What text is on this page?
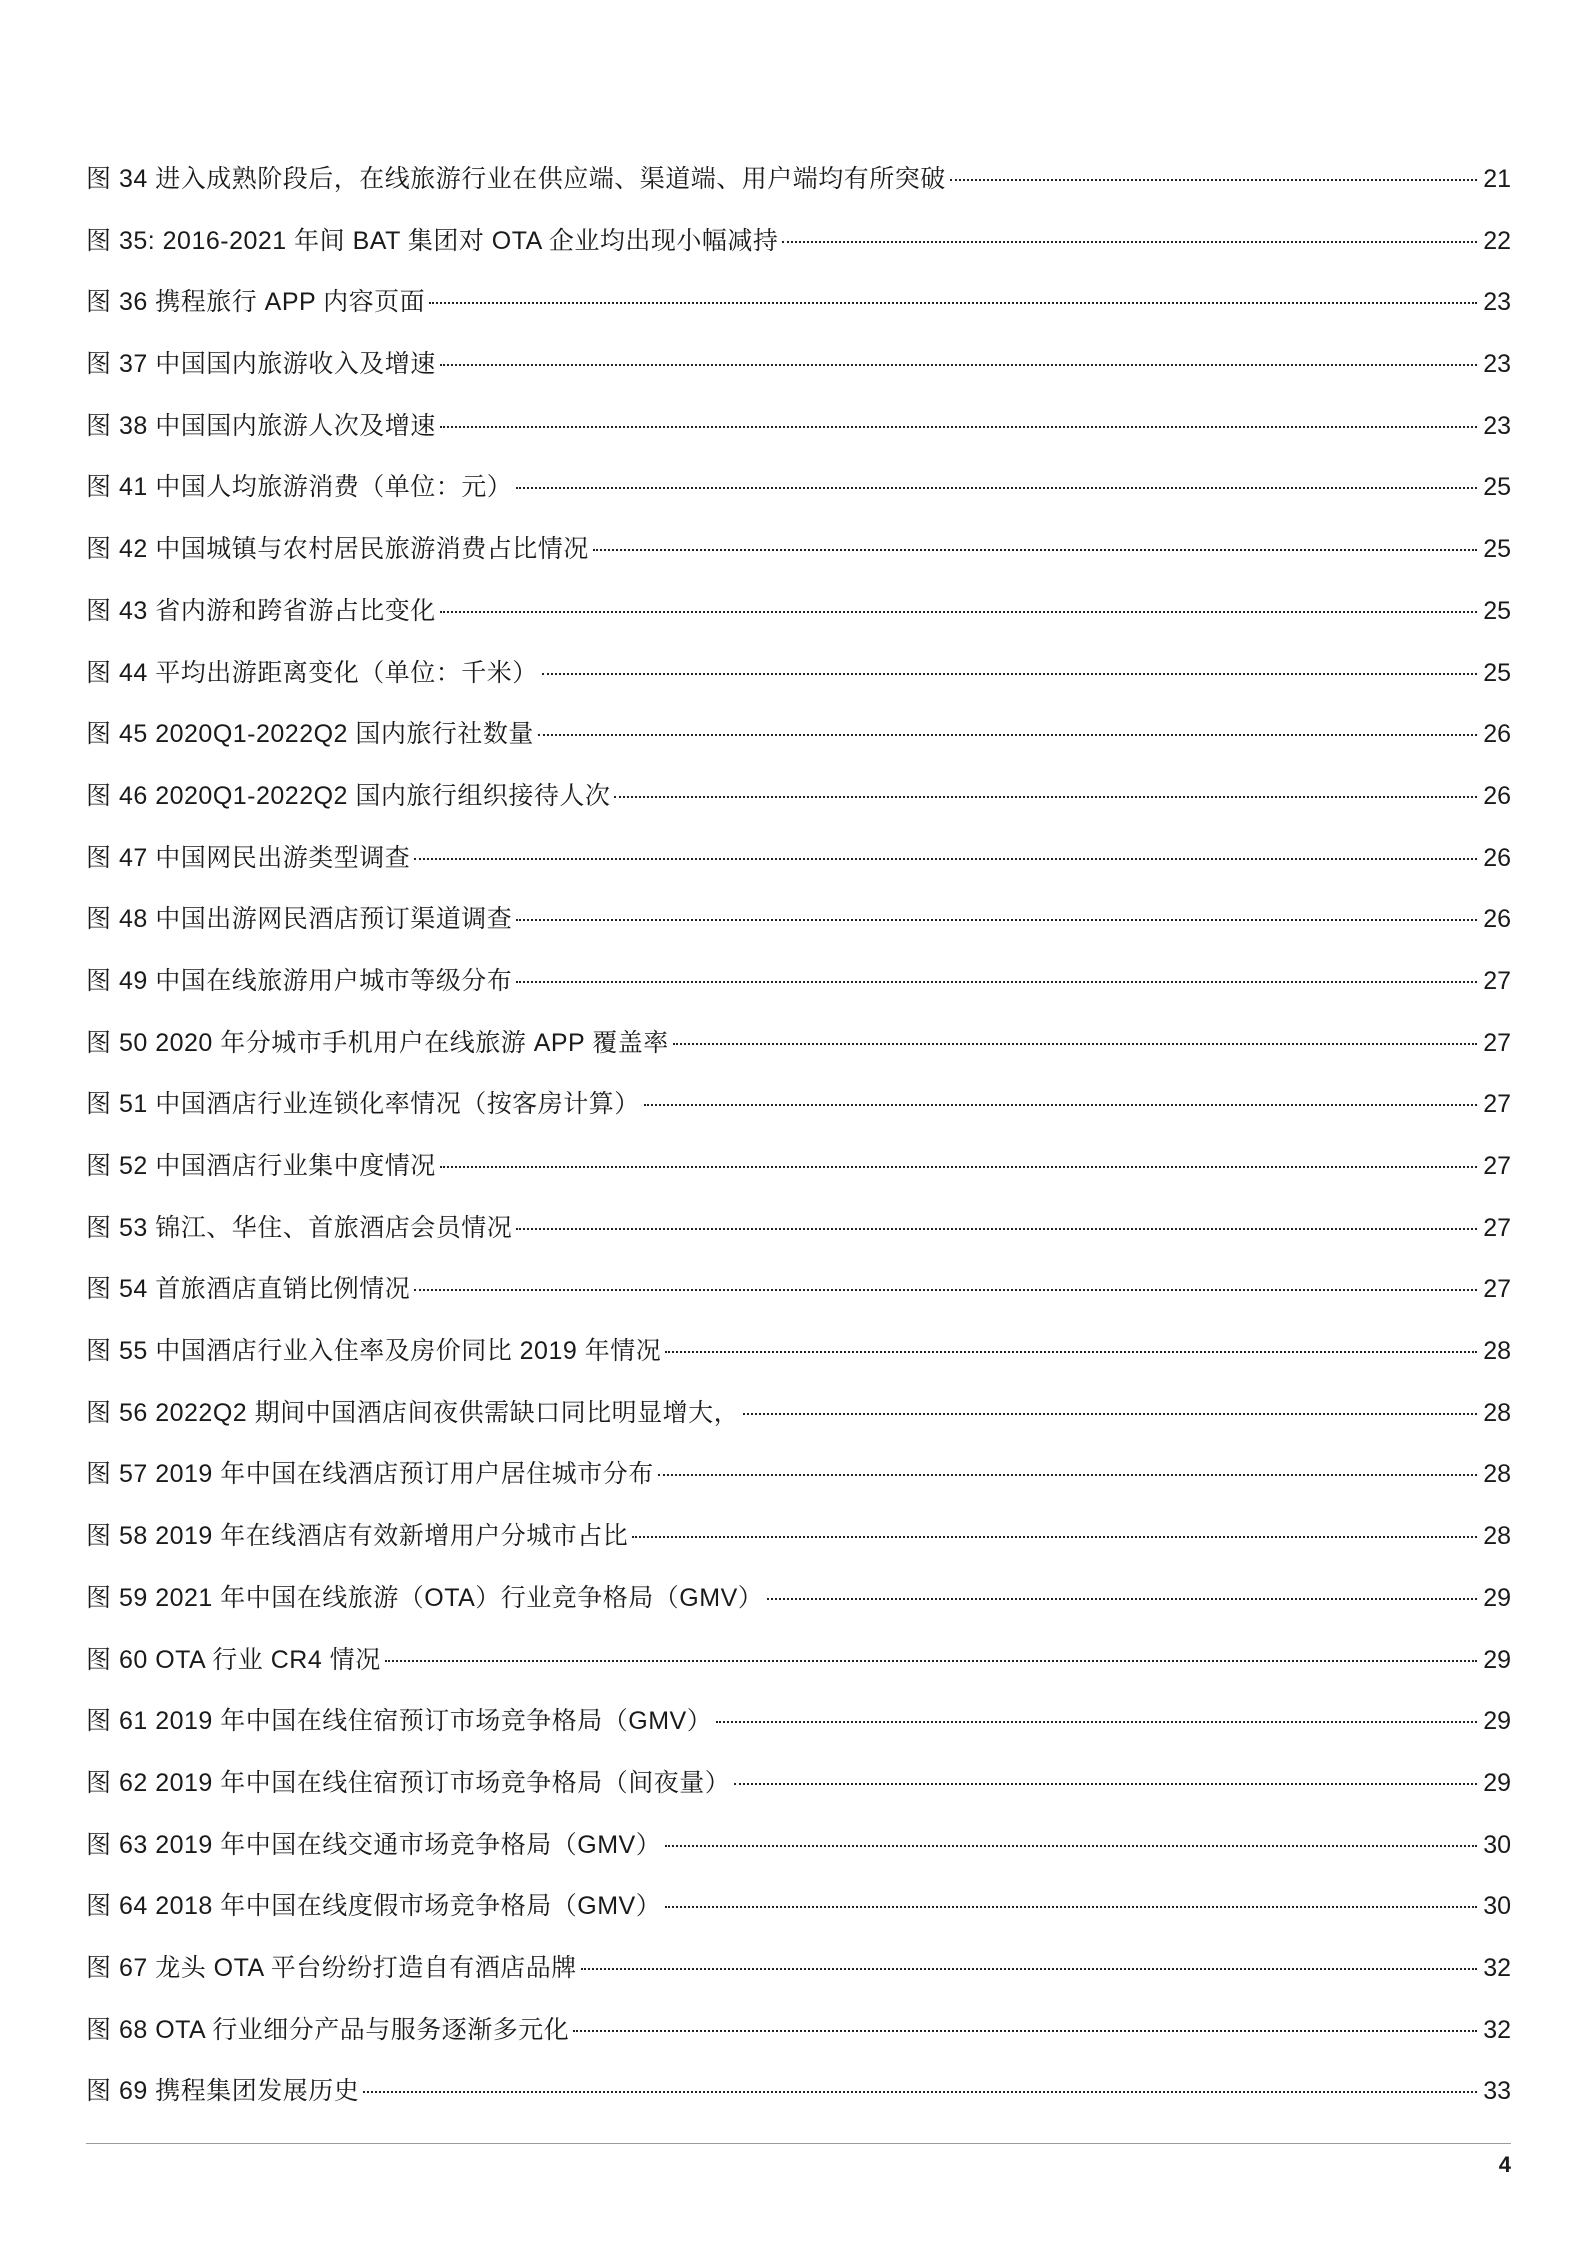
图 34 进入成熟阶段后，在线旅游行业在供应端、渠道端、用户端均有所突破	21
图 35: 2016-2021 年间 BAT 集团对 OTA 企业均出现小幅减持	22
图 36 携程旅行 APP 内容页面	23
图 37 中国国内旅游收入及增速	23
图 38 中国国内旅游人次及增速	23
图 41 中国人均旅游消费（单位：元）	25
图 42 中国城镇与农村居民旅游消费占比情况	25
图 43 省内游和跨省游占比变化	25
图 44 平均出游距离变化（单位：千米）	25
图 45 2020Q1-2022Q2 国内旅行社数量	26
图 46 2020Q1-2022Q2 国内旅行组织接待人次	26
图 47 中国网民出游类型调查	26
图 48 中国出游网民酒店预订渠道调查	26
图 49 中国在线旅游用户城市等级分布	27
图 50 2020 年分城市手机用户在线旅游 APP 覆盖率	27
图 51 中国酒店行业连锁化率情况（按客房计算）	27
图 52 中国酒店行业集中度情况	27
图 53 锦江、华住、首旅酒店会员情况	27
图 54 首旅酒店直销比例情况	27
图 55 中国酒店行业入住率及房价同比 2019 年情况	28
图 56 2022Q2 期间中国酒店间夜供需缺口同比明显增大，	28
图 57 2019 年中国在线酒店预订用户居住城市分布	28
图 58 2019 年在线酒店有效新增用户分城市占比	28
图 59 2021 年中国在线旅游（OTA）行业竞争格局（GMV）	29
图 60 OTA 行业 CR4 情况	29
图 61 2019 年中国在线住宿预订市场竞争格局（GMV）	29
图 62 2019 年中国在线住宿预订市场竞争格局（间夜量）	29
图 63 2019 年中国在线交通市场竞争格局（GMV）	30
图 64 2018 年中国在线度假市场竞争格局（GMV）	30
图 67 龙头 OTA 平台纷纷打造自有酒店品牌	32
图 68 OTA 行业细分产品与服务逐渐多元化	32
图 69 携程集团发展历史	33
4
